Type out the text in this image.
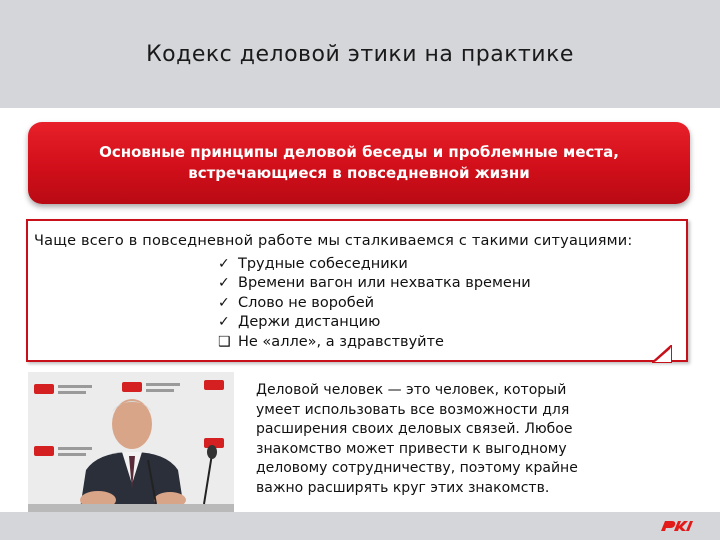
Кодекс деловой этики на практике
Основные принципы деловой беседы и проблемные места,
встречающиеся в повседневной жизни
Чаще всего в повседневной работе мы сталкиваемся с такими ситуациями:
✓ Трудные собеседники
✓ Времени вагон или нехватка времени
✓ Слово не воробей
✓ Держи дистанцию
❑ Не «алле», а здравствуйте
Деловой человек — это человек, который
умеет использовать все возможности для
расширения своих деловых связей. Любое
знакомство может привести к выгодному
деловому сотрудничеству, поэтому крайне
важно расширять круг этих знакомств.
